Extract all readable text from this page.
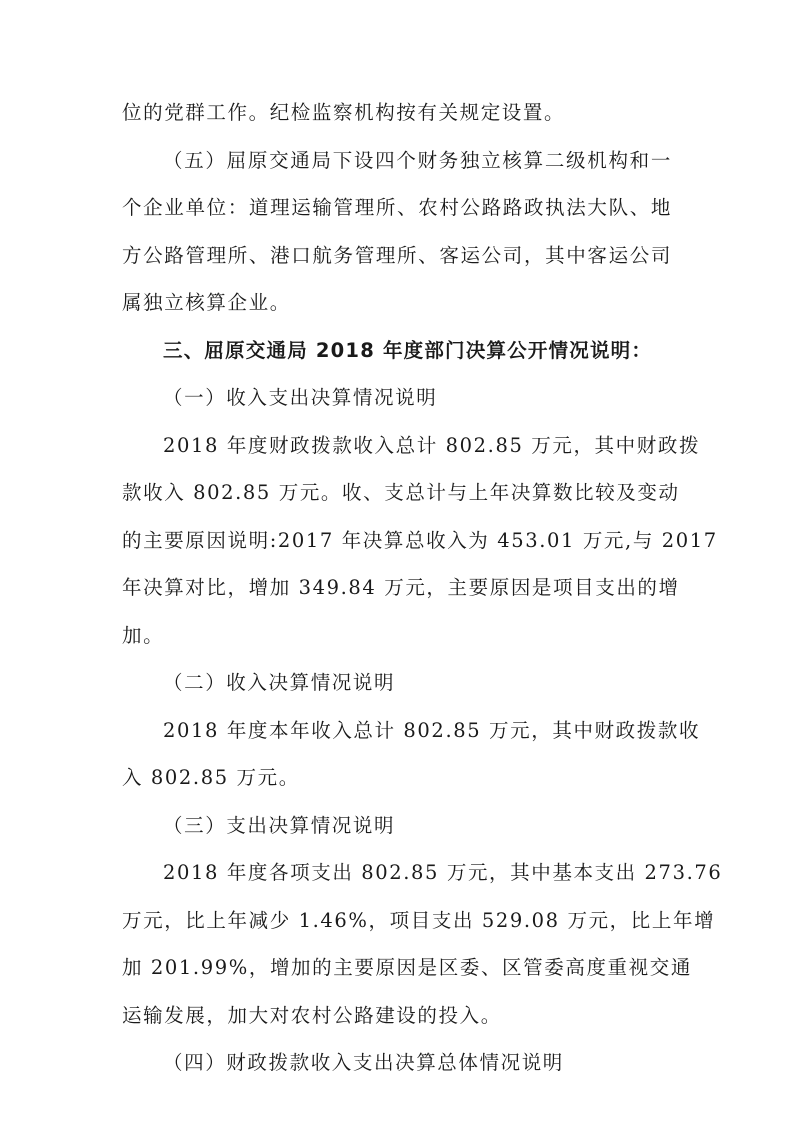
位的党群工作。纪检监察机构按有关规定设置。
（五）屈原交通局下设四个财务独立核算二级机构和一
个企业单位：道理运输管理所、农村公路路政执法大队、地
方公路管理所、港口航务管理所、客运公司，其中客运公司
属独立核算企业。
三、屈原交通局 2018 年度部门决算公开情况说明：
（一）收入支出决算情况说明
2018 年度财政拨款收入总计 802.85 万元，其中财政拨
款收入 802.85 万元。收、支总计与上年决算数比较及变动
的主要原因说明:2017 年决算总收入为 453.01 万元,与 2017
年决算对比，增加 349.84 万元，主要原因是项目支出的增
加。
（二）收入决算情况说明
2018 年度本年收入总计 802.85 万元，其中财政拨款收
入 802.85 万元。
（三）支出决算情况说明
2018 年度各项支出 802.85 万元，其中基本支出 273.76
万元，比上年减少 1.46%，项目支出 529.08 万元，比上年增
加 201.99%，增加的主要原因是区委、区管委高度重视交通
运输发展，加大对农村公路建设的投入。
（四）财政拨款收入支出决算总体情况说明
